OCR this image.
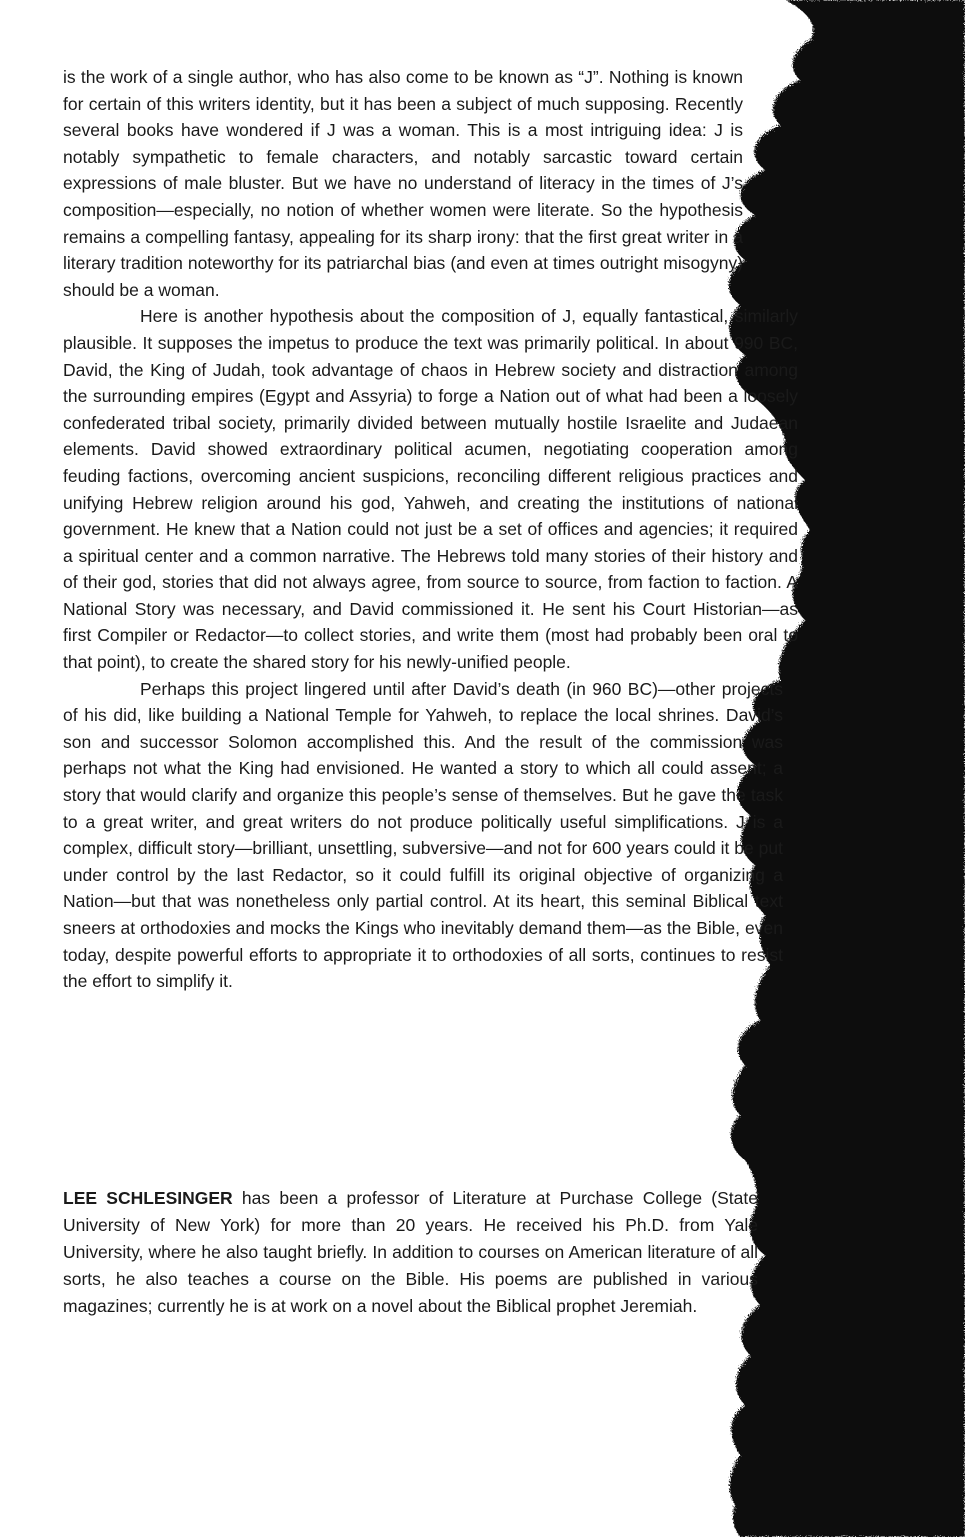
is the work of a single author, who has also come to be known as “J”. Nothing is known for certain of this writers identity, but it has been a subject of much supposing. Recently several books have wondered if J was a woman. This is a most intriguing idea: J is notably sympathetic to female characters, and notably sarcastic toward certain expressions of male bluster. But we have no understand of literacy in the times of J’s composition—especially, no notion of whether women were literate. So the hypothesis remains a compelling fantasy, appealing for its sharp irony: that the first great writer in a literary tradition noteworthy for its patriarchal bias (and even at times outright misogyny) should be a woman.

Here is another hypothesis about the composition of J, equally fantastical, similarly plausible. It supposes the impetus to produce the text was primarily political. In about 990 BC, David, the King of Judah, took advantage of chaos in Hebrew society and distraction among the surrounding empires (Egypt and Assyria) to forge a Nation out of what had been a loosely confederated tribal society, primarily divided between mutually hostile Israelite and Judaean elements. David showed extraordinary political acumen, negotiating cooperation among feuding factions, overcoming ancient suspicions, reconciling different religious practices and unifying Hebrew religion around his god, Yahweh, and creating the institutions of national government. He knew that a Nation could not just be a set of offices and agencies; it required a spiritual center and a common narrative. The Hebrews told many stories of their history and of their god, stories that did not always agree, from source to source, from faction to faction. A National Story was necessary, and David commissioned it. He sent his Court Historian—as first Compiler or Redactor—to collect stories, and write them (most had probably been oral to that point), to create the shared story for his newly-unified people.

Perhaps this project lingered until after David’s death (in 960 BC)—other projects of his did, like building a National Temple for Yahweh, to replace the local shrines. David’s son and successor Solomon accomplished this. And the result of the commission was perhaps not what the King had envisioned. He wanted a story to which all could assent; a story that would clarify and organize this people’s sense of themselves. But he gave the task to a great writer, and great writers do not produce politically useful simplifications. J is a complex, difficult story—brilliant, unsettling, subversive—and not for 600 years could it be put under control by the last Redactor, so it could fulfill its original objective of organizing a Nation—but that was nonetheless only partial control. At its heart, this seminal Biblical text sneers at orthodoxies and mocks the Kings who inevitably demand them—as the Bible, even today, despite powerful efforts to appropriate it to orthodoxies of all sorts, continues to resist the effort to simplify it.

LEE SCHLESINGER has been a professor of Literature at Purchase College (State University of New York) for more than 20 years. He received his Ph.D. from Yale University, where he also taught briefly. In addition to courses on American literature of all sorts, he also teaches a course on the Bible. His poems are published in various magazines; currently he is at work on a novel about the Biblical prophet Jeremiah.
